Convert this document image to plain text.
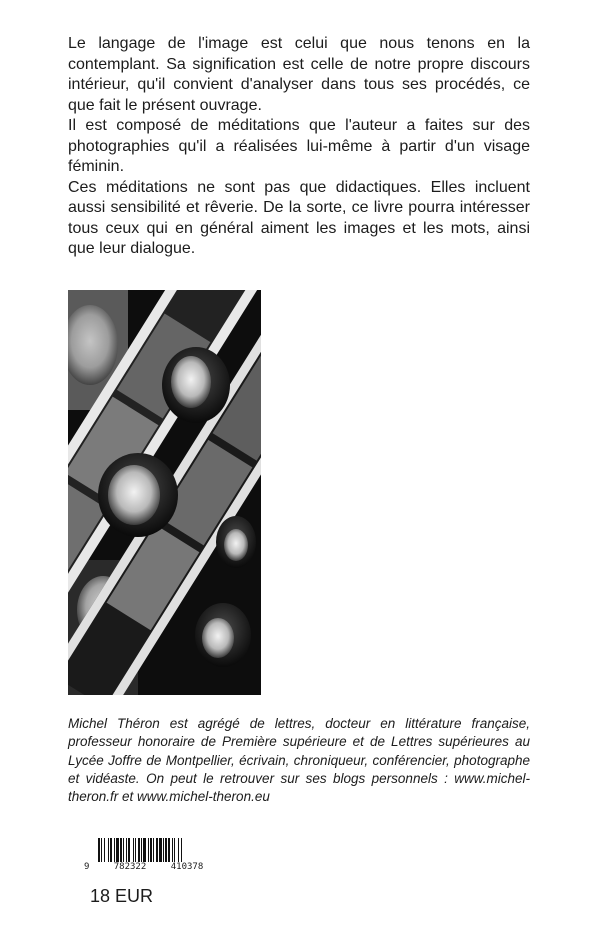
Le langage de l'image est celui que nous tenons en la contemplant. Sa signification est celle de notre propre discours intérieur, qu'il convient d'analyser dans tous ses procédés, ce que fait le présent ouvrage.

Il est composé de méditations que l'auteur a faites sur des photographies qu'il a réalisées lui-même à partir d'un visage féminin.

Ces méditations ne sont pas que didactiques. Elles incluent aussi sensibilité et rêverie. De la sorte, ce livre pourra intéresser tous ceux qui en général aiment les images et les mots, ainsi que leur dialogue.

Michel Théron est agrégé de lettres, docteur en littérature française, professeur honoraire de Première supérieure et de Lettres supérieures au Lycée Joffre de Montpellier, écrivain, chroniqueur, conférencier, photographe et vidéaste. On peut le retrouver sur ses blogs personnels : www.michel-theron.fr et www.michel-theron.eu

9	782322	410378
18 EUR
